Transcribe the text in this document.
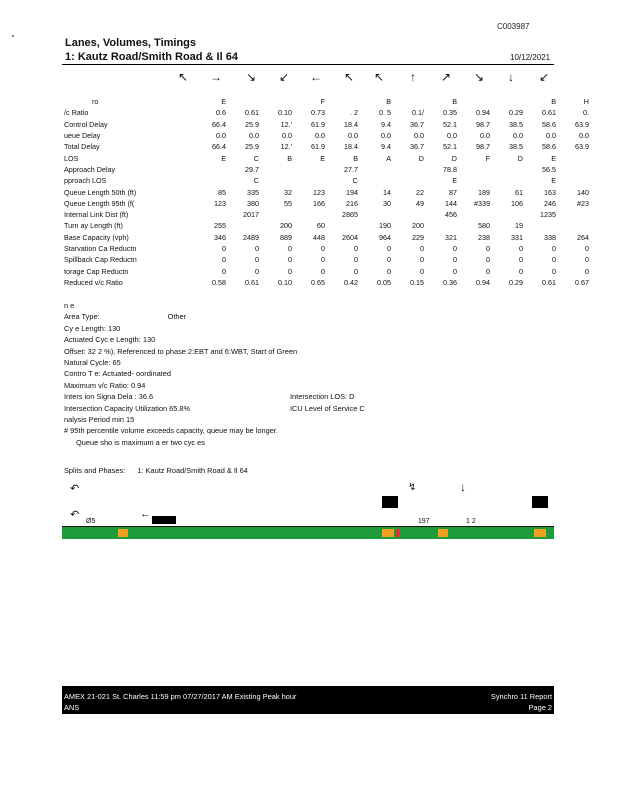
C003987
Lanes, Volumes, Timings
1: Kautz Road/Smith Road & Il 64	10/12/2021
↖ → ↘ ↙ ← ↖ ↖ ↑ ↗ ↘ ↓ ↙
ro	E			F		B		B			B	H
/c Ratio	0.6	0.61	0.10	0.73	. 2	0. 5	0.1/	0.35	0.94	0.29	0.61	0.
Control Delay	66.4	25.9	12.'	61.9	18.4	9.4	36.7	52.1	98.7	38.5	58.6	63.9
ueue Delay	0.0	0.0	0.0	0.0	0.0	0.0	0.0	0.0	0.0	0.0	0.0	0.0
Total Delay	66.4	25.9	12.'	61.9	18.4	9.4	36.7	52.1	98.7	38.5	58.6	63.9
LOS	E	C	B	E	B	A	D	D	F	D	E	
Approach Delay		29.7			27.7			78.8			56.5	
pproach LOS		C			C			E			E	
Queue Length 50th (ft)	85	335	32	123	194	14	22	87	189	61	163	140
Queue Length 95th (f(	123	380	55	166	216	30	49	144	#339	106	246	#23
Internal Link Dist (ft)		2017			2865			456			1235	
Turn ay Length (ft)	255		200	60		190	200		580	19		
Base Capacity (vph)	346	2489	889	448	2604	964	229	321	238	331	338	264
Starvation Ca Reductn	0	0	0	0	0	0	0	0	0	0	0	0
Spillback Cap Reductn	0	0	0	0	0	0	0	0	0	0	0	0
torage Cap Reductn	0	0	0	0	0	0	0	0	0	0	0	0
Reduced v/c Ratio	0.58	0.61	0.10	0.65	0.42	0.05	0.15	0.36	0.94	0.29	0.61	0.67
n e
Area Type:	Other
Cy e Length: 130
Actuated Cyc e Length: 130
Offset: 32 2 %), Referenced to phase 2:EBT and 6:WBT, Start of Green
Natural Cycle: 65
Contro T e: Actuated- oordinated
Maximum v/c Ratio: 0.94
Inters ion Signa Dela : 36.6	Intersection LOS: D
Intersection Capacity Utilization 65.8%	ICU Level of Service C
nalysis Period min 15
# 95th percentile volume exceeds capacity, queue may be longer.
Queue sho is maximum a er two cyc es
Splits and Phases: 1: Kautz Road/Smith Road & Il 64
↶	↯	↓
↶	←
Ø5	197	1 2
AMEX 21-021 St. Charles 11:59 pm 07/27/2017 AM Existing Peak hour
ANS
Synchro 11 Report
Page 2
